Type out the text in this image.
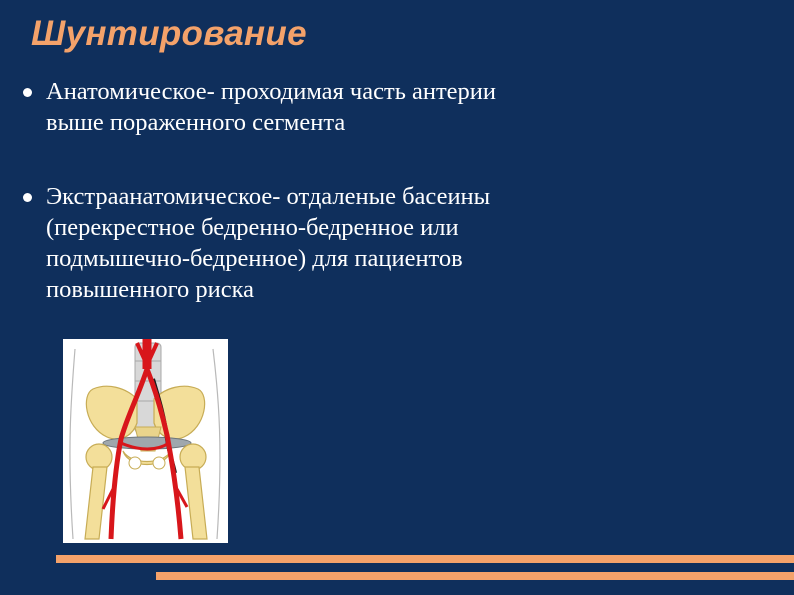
Шунтирование
Анатомическое- проходимая часть антерии
выше пораженного сегмента
Экстраанатомическое- отдаленые басеины
(перекрестное бедренно-бедренное или
подмышечно-бедренное) для пациентов
повышенного риска
